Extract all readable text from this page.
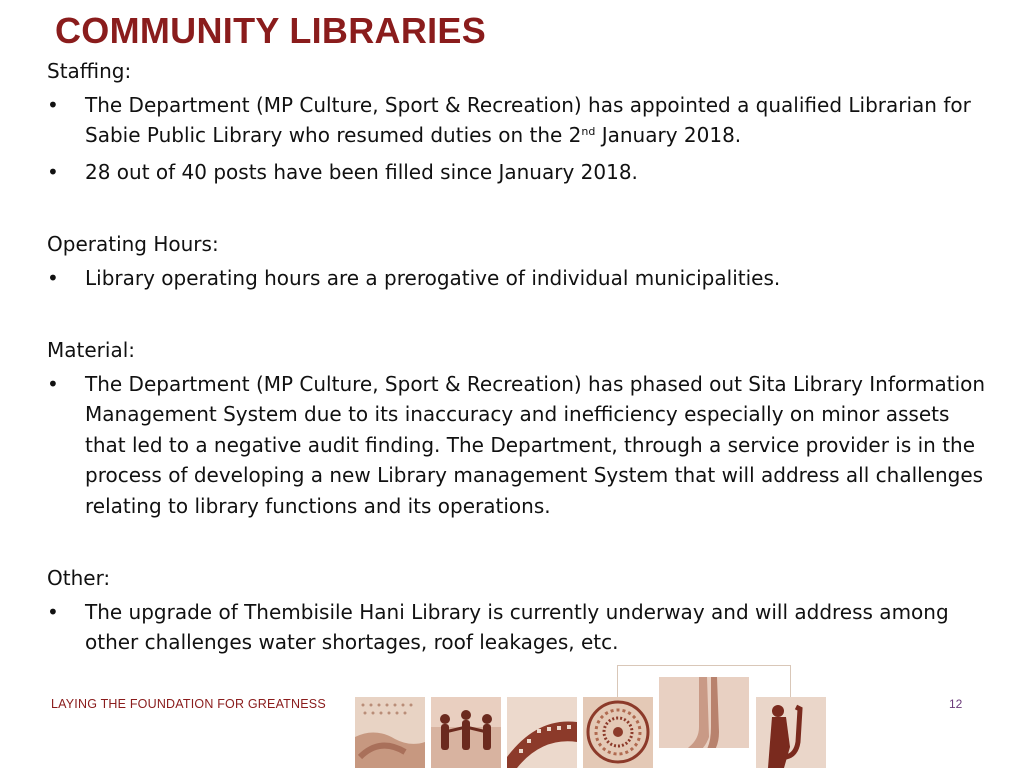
COMMUNITY LIBRARIES

Staffing:

• The Department (MP Culture, Sport & Recreation) has appointed a qualified Librarian for Sabie Public Library who resumed duties on the 2nd January 2018.
• 28 out of 40 posts have been filled since January 2018.

Operating Hours:

• Library operating hours are a prerogative of individual municipalities.

Material:

• The Department (MP Culture, Sport & Recreation) has phased out Sita Library Information Management System due to its inaccuracy and inefficiency especially on minor assets that led to a negative audit finding. The Department, through a service provider is in the process of developing a new Library management System that will address all challenges relating to library functions and its operations.

Other:

• The upgrade of Thembisile Hani Library is currently underway and will address among other challenges water shortages, roof leakages, etc.
LAYING THE FOUNDATION FOR GREATNESS	12
